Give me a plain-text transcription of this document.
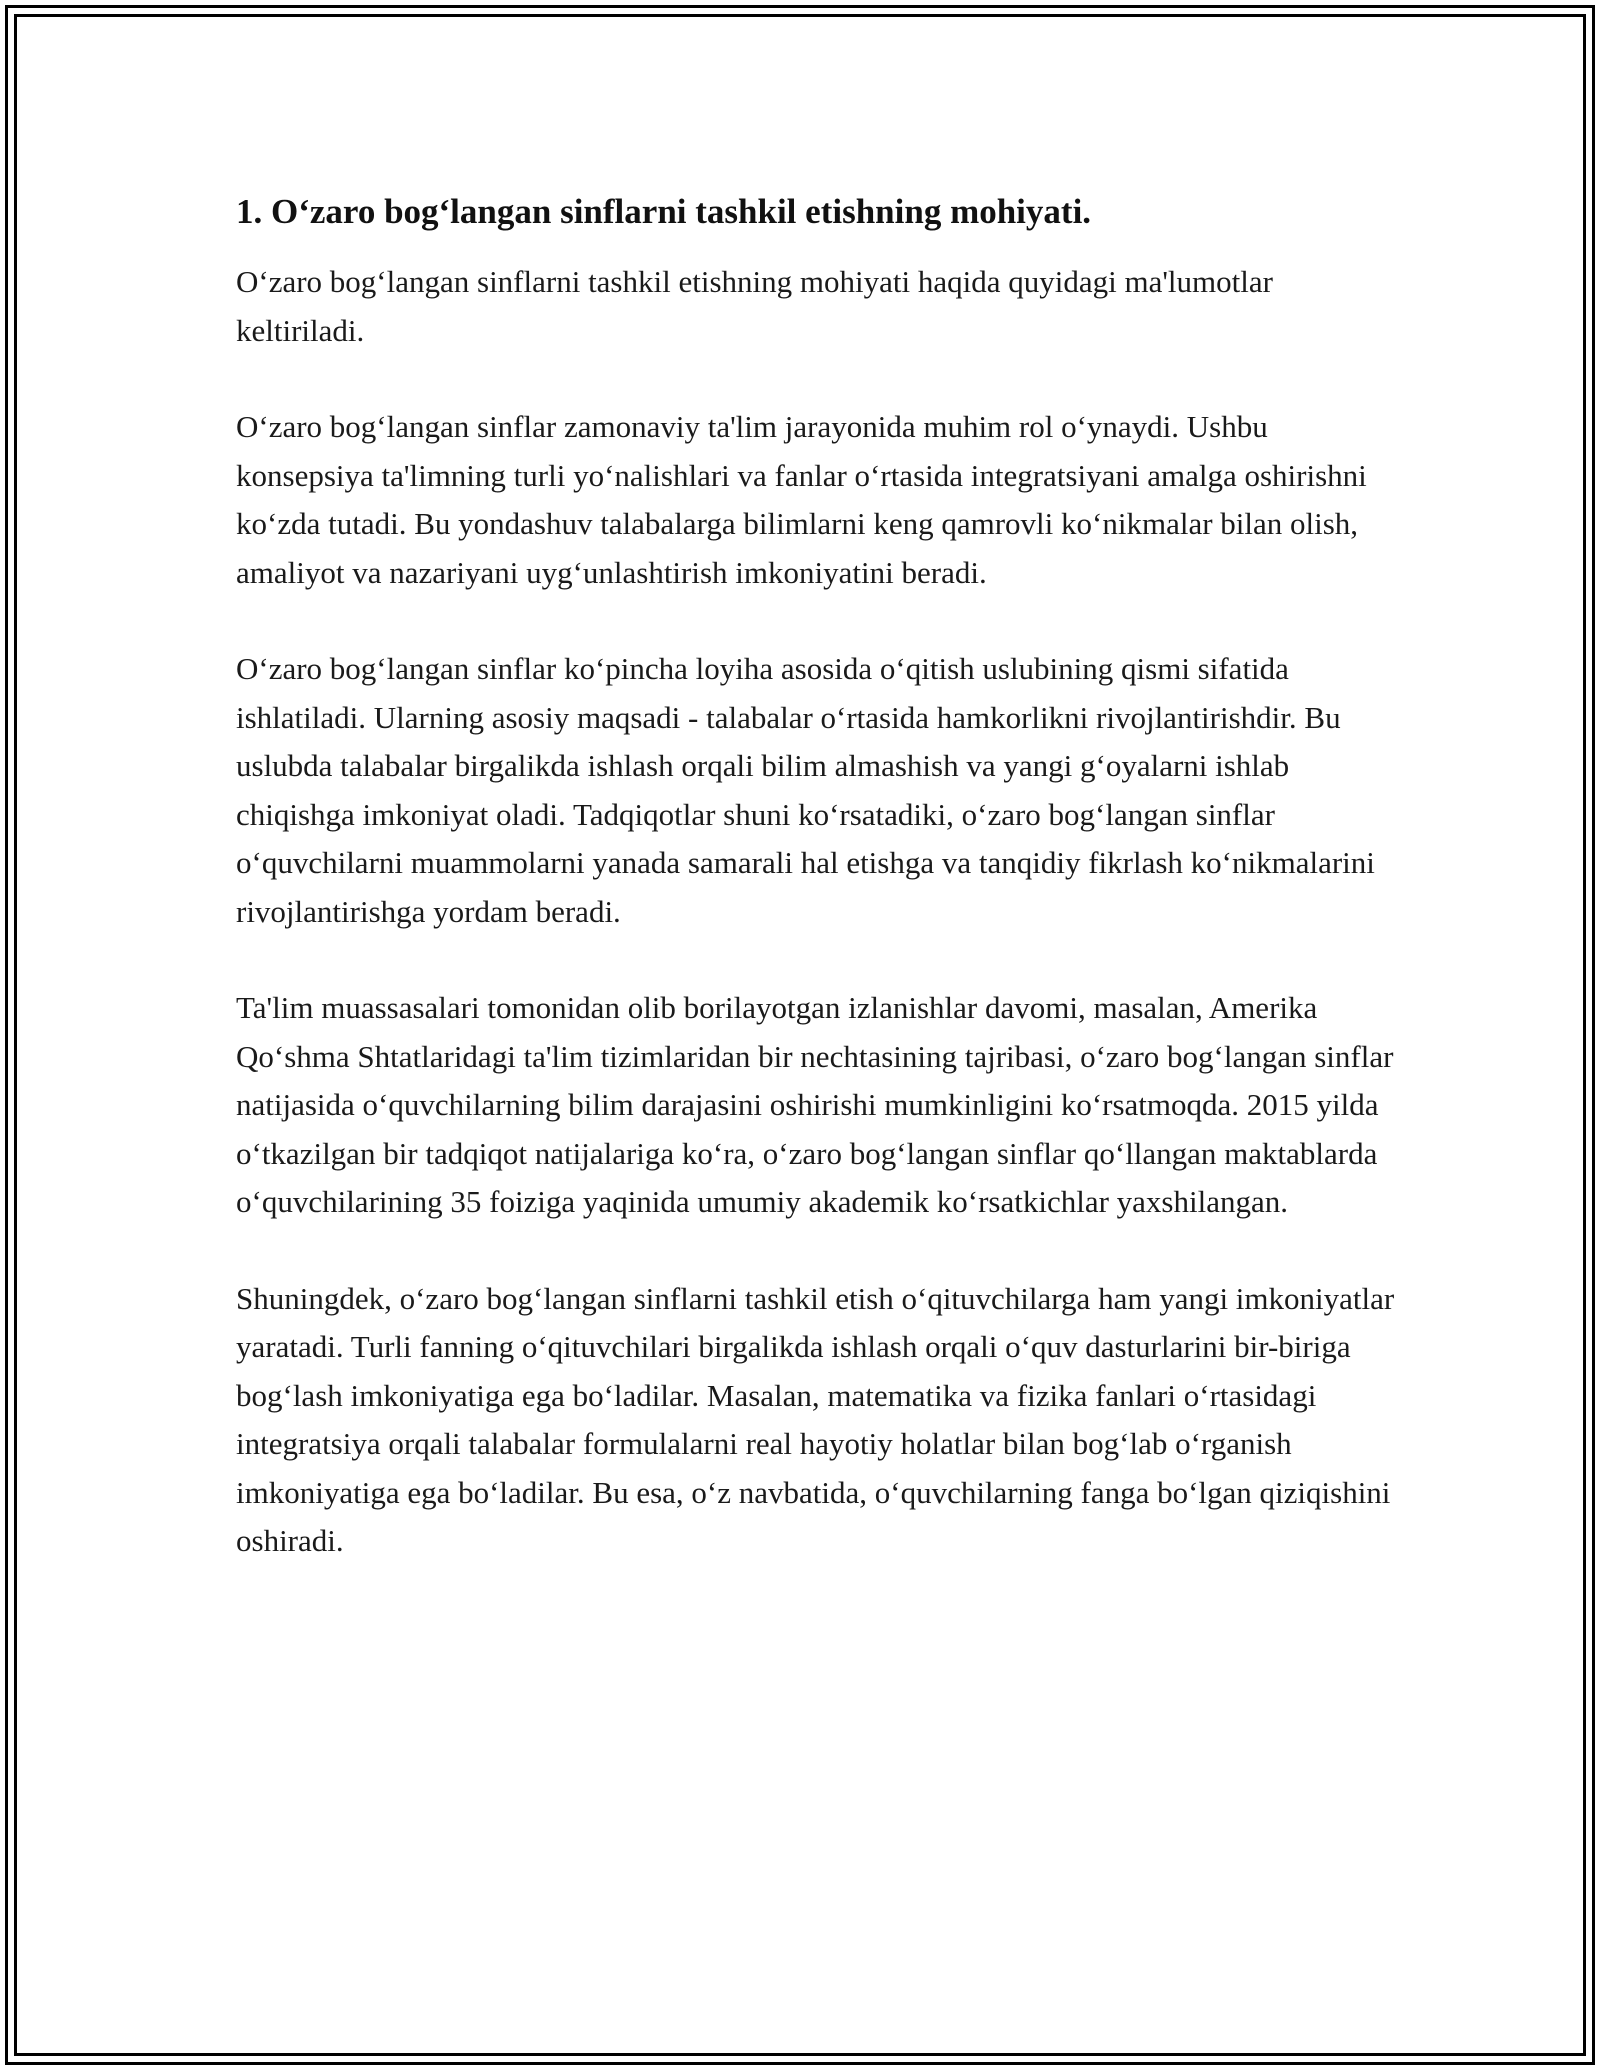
1. O‘zaro bog‘langan sinflarni tashkil etishning mohiyati.

O‘zaro bog‘langan sinflarni tashkil etishning mohiyati haqida quyidagi ma'lumotlar keltiriladi.

O‘zaro bog‘langan sinflar zamonaviy ta'lim jarayonida muhim rol o‘ynaydi. Ushbu konsepsiya ta'limning turli yo‘nalishlari va fanlar o‘rtasida integratsiyani amalga oshirishni ko‘zda tutadi. Bu yondashuv talabalarga bilimlarni keng qamrovli ko‘nikmalar bilan olish, amaliyot va nazariyani uyg‘unlashtirish imkoniyatini beradi.

O‘zaro bog‘langan sinflar ko‘pincha loyiha asosida o‘qitish uslubining qismi sifatida ishlatiladi. Ularning asosiy maqsadi - talabalar o‘rtasida hamkorlikni rivojlantirishdir. Bu uslubda talabalar birgalikda ishlash orqali bilim almashish va yangi g‘oyalarni ishlab chiqishga imkoniyat oladi. Tadqiqotlar shuni ko‘rsatadiki, o‘zaro bog‘langan sinflar o‘quvchilarni muammolarni yanada samarali hal etishga va tanqidiy fikrlash ko‘nikmalarini rivojlantirishga yordam beradi.

Ta'lim muassasalari tomonidan olib borilayotgan izlanishlar davomi, masalan, Amerika Qo‘shma Shtatlaridagi ta'lim tizimlaridan bir nechtasining tajribasi, o‘zaro bog‘langan sinflar natijasida o‘quvchilarning bilim darajasini oshirishi mumkinligini ko‘rsatmoqda. 2015 yilda o‘tkazilgan bir tadqiqot natijalariga ko‘ra, o‘zaro bog‘langan sinflar qo‘llangan maktablarda o‘quvchilarining 35 foiziga yaqinida umumiy akademik ko‘rsatkichlar yaxshilangan.

Shuningdek, o‘zaro bog‘langan sinflarni tashkil etish o‘qituvchilarga ham yangi imkoniyatlar yaratadi. Turli fanning o‘qituvchilari birgalikda ishlash orqali o‘quv dasturlarini bir-biriga bog‘lash imkoniyatiga ega bo‘ladilar. Masalan, matematika va fizika fanlari o‘rtasidagi integratsiya orqali talabalar formulalarni real hayotiy holatlar bilan bog‘lab o‘rganish imkoniyatiga ega bo‘ladilar. Bu esa, o‘z navbatida, o‘quvchilarning fanga bo‘lgan qiziqishini oshiradi.
